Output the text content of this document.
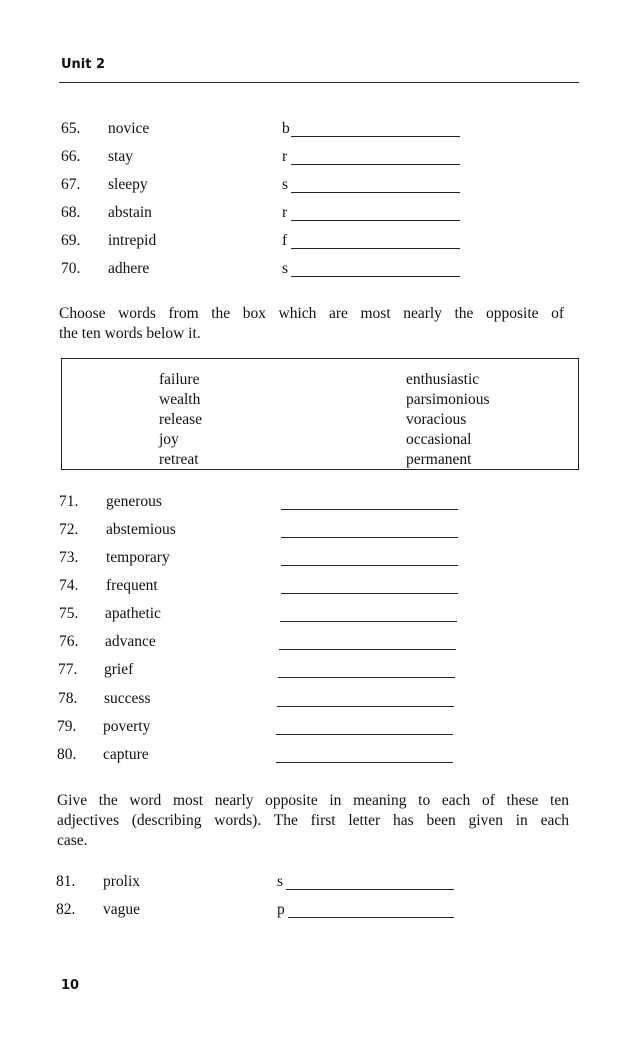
Unit 2
65. novice	b
66. stay	r
67. sleepy	s
68. abstain	r
69. intrepid	f
70. adhere	s
Choose words from the box which are most nearly the opposite of
the ten words below it.
failure
wealth
release
joy
retreat
enthusiastic
parsimonious
voracious
occasional
permanent
71. generous
72. abstemious
73. temporary
74. frequent
75. apathetic
76. advance
77. grief
78. success
79. poverty
80. capture
Give the word most nearly opposite in meaning to each of these ten
adjectives (describing words). The first letter has been given in each
case.
81. prolix	s
82. vague	p
10
